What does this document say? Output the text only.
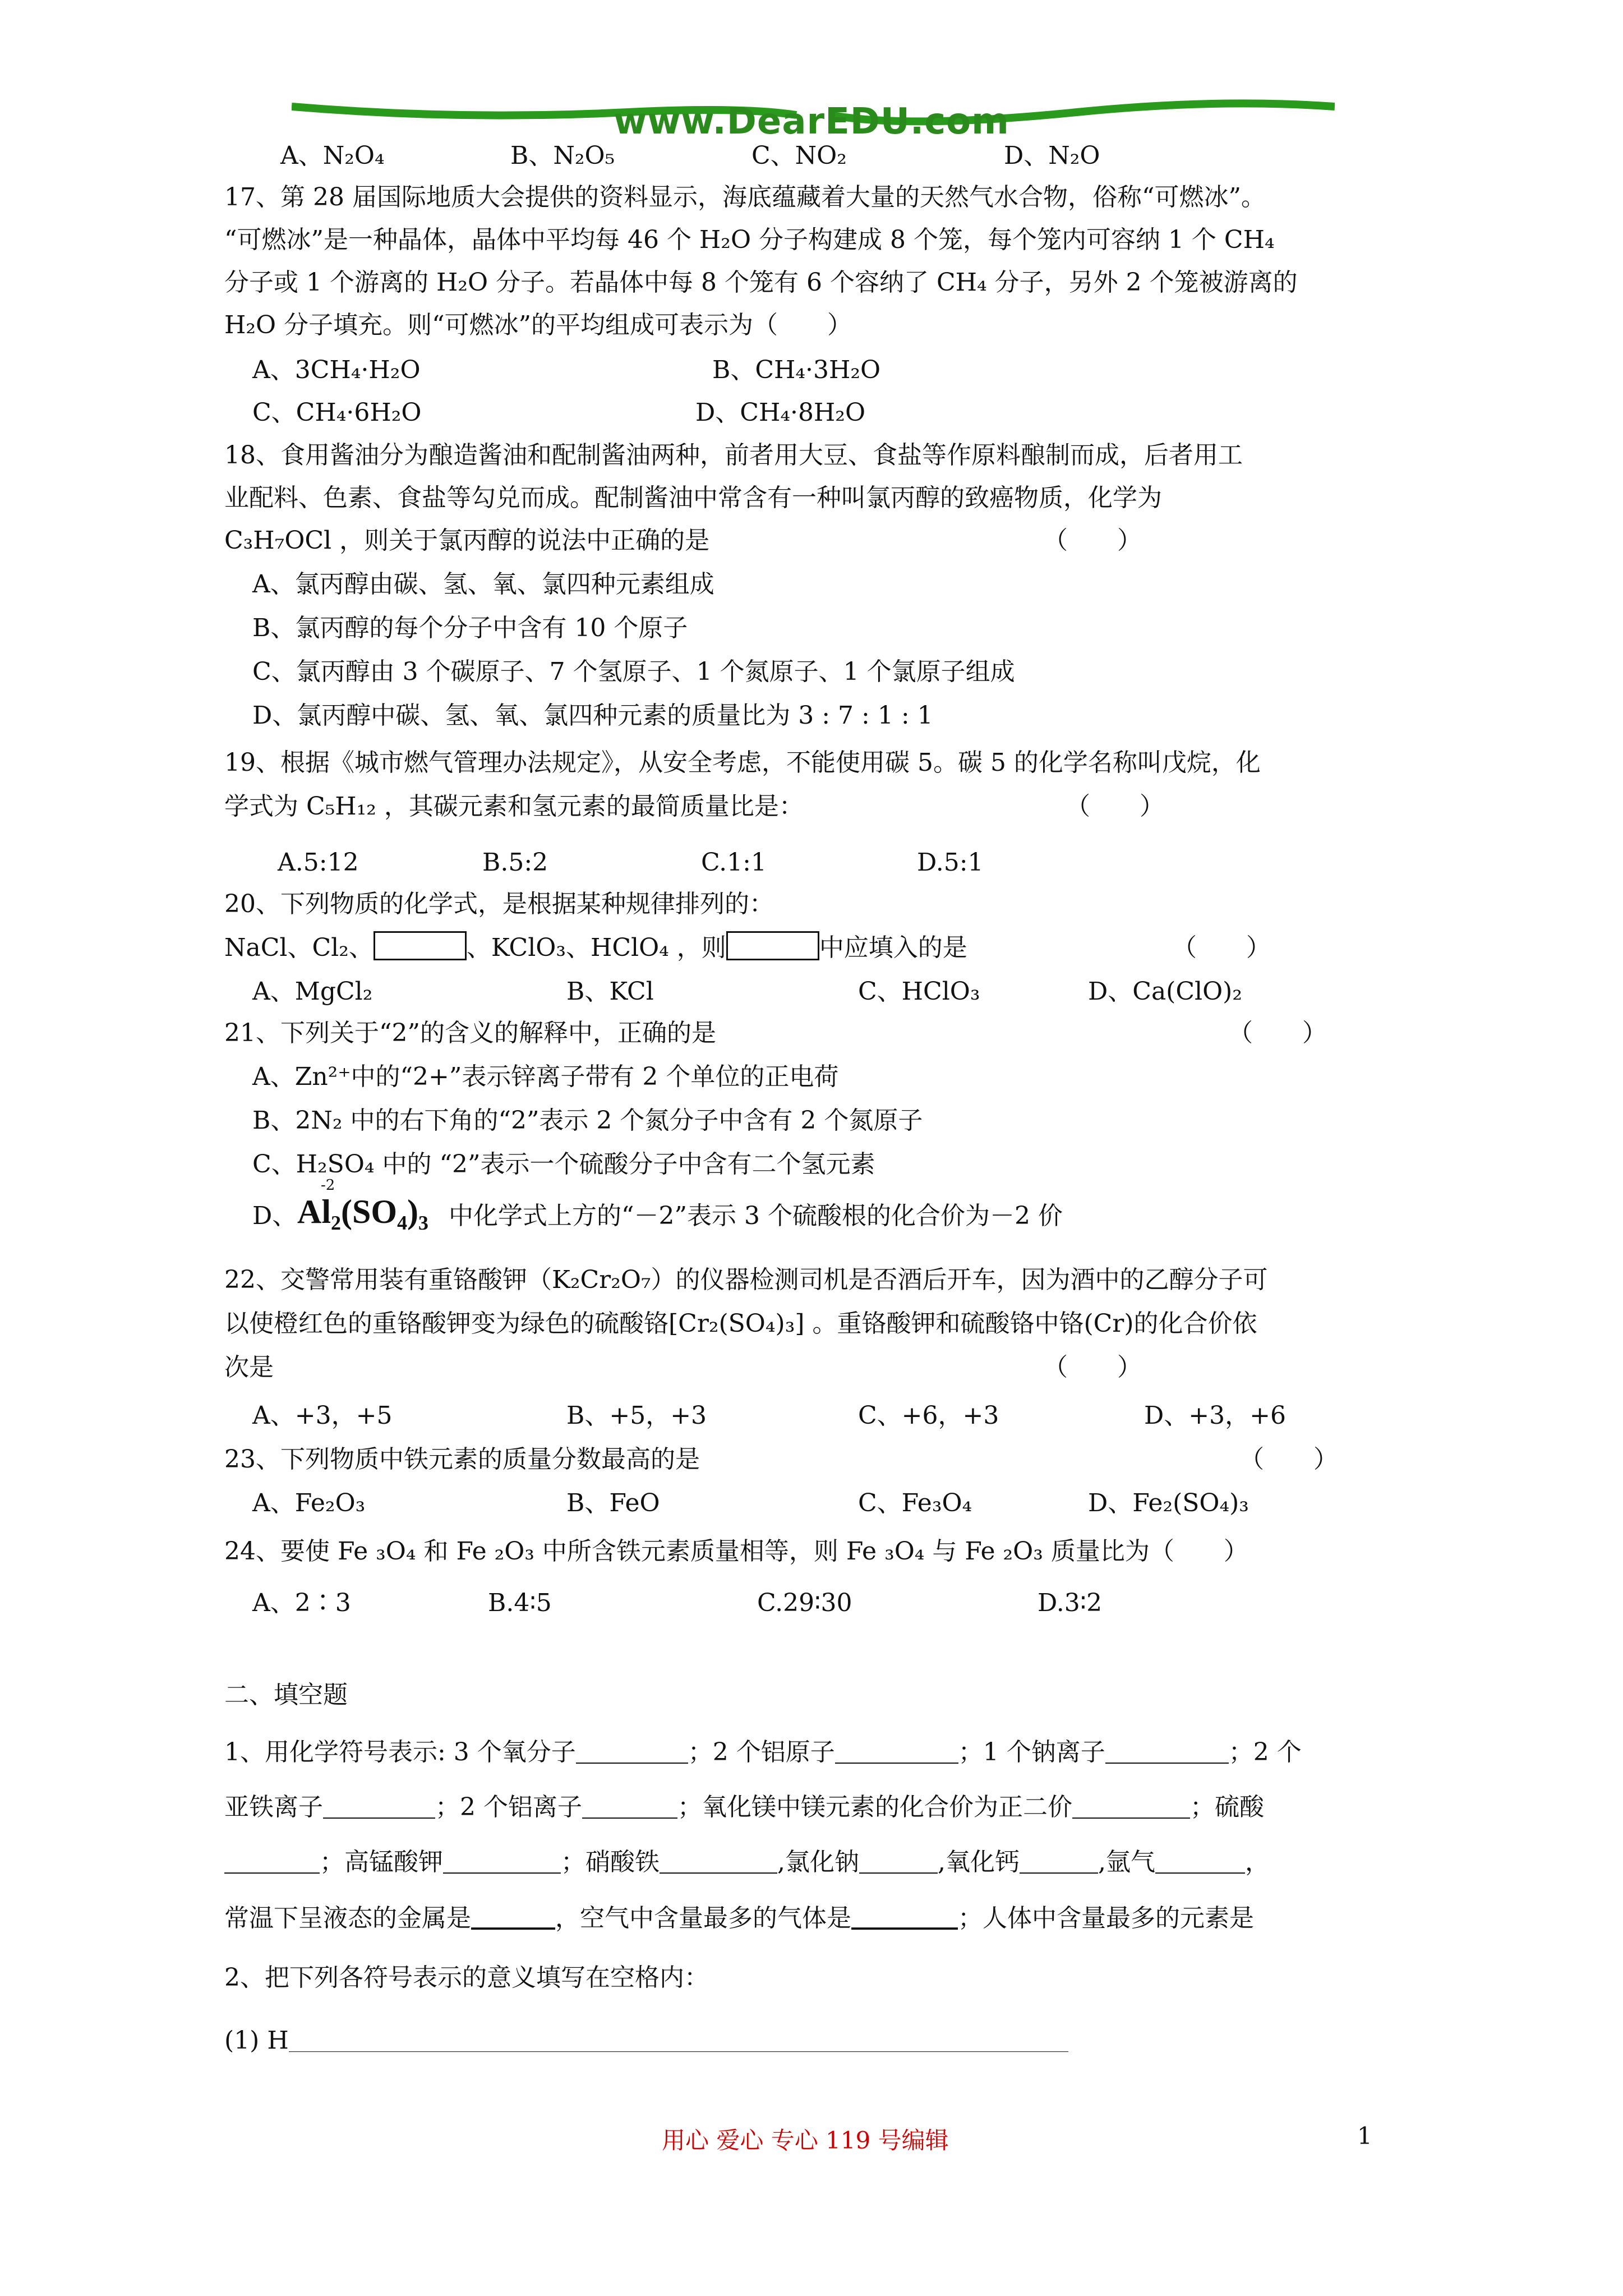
www.DearEDU.com
A、N₂O₄	B、N₂O₅	C、NO₂	D、N₂O
17、第 28 届国际地质大会提供的资料显示，海底蕴藏着大量的天然气水合物，俗称“可燃冰”。
“可燃冰”是一种晶体，晶体中平均每 46 个 H₂O 分子构建成 8 个笼，每个笼内可容纳 1 个 CH₄
分子或 1 个游离的 H₂O 分子。若晶体中每 8 个笼有 6 个容纳了 CH₄ 分子，另外 2 个笼被游离的
H₂O 分子填充。则“可燃冰”的平均组成可表示为（　　）
A、3CH₄·H₂O	B、CH₄·3H₂O
C、CH₄·6H₂O	D、CH₄·8H₂O
18、食用酱油分为酿造酱油和配制酱油两种，前者用大豆、食盐等作原料酿制而成，后者用工
业配料、色素、食盐等勾兑而成。配制酱油中常含有一种叫氯丙醇的致癌物质，化学为
C₃H₇OCl ，则关于氯丙醇的说法中正确的是	（　　）
A、氯丙醇由碳、氢、氧、氯四种元素组成
B、氯丙醇的每个分子中含有 10 个原子
C、氯丙醇由 3 个碳原子、7 个氢原子、1 个氮原子、1 个氯原子组成
D、氯丙醇中碳、氢、氧、氯四种元素的质量比为 3 : 7 : 1 : 1
19、根据《城市燃气管理办法规定》，从安全考虑，不能使用碳 5。碳 5 的化学名称叫戊烷，化
学式为 C₅H₁₂ ，其碳元素和氢元素的最简质量比是：	（　　）
A.5:12	B.5:2	C.1:1	D.5:1
20、下列物质的化学式，是根据某种规律排列的：
NaCl、Cl₂、	、KClO₃、HClO₄ ，则	中应填入的是	（　　）
A、MgCl₂	B、KCl	C、HClO₃	D、Ca(ClO)₂
21、下列关于“2”的含义的解释中，正确的是	（　　）
A、Zn²⁺中的“2+”表示锌离子带有 2 个单位的正电荷
B、2N₂ 中的右下角的“2”表示 2 个氮分子中含有 2 个氮原子
C、H₂SO₄ 中的 “2”表示一个硫酸分子中含有二个氢元素
D、 Al₂(SO₄)₃
-2
中化学式上方的“－2”表示 3 个硫酸根的化合价为－2 价
22、交警常用装有重铬酸钾（K₂Cr₂O₇）的仪器检测司机是否酒后开车，因为酒中的乙醇分子可
以使橙红色的重铬酸钾变为绿色的硫酸铬[Cr₂(SO₄)₃] 。重铬酸钾和硫酸铬中铬(Cr)的化合价依
次是	（　　）
A、+3，+5	B、+5，+3	C、+6，+3	D、+3，+6
23、下列物质中铁元素的质量分数最高的是	（　　）
A、Fe₂O₃	B、FeO	C、Fe₃O₄	D、Fe₂(SO₄)₃
24、要使 Fe ₃O₄ 和 Fe ₂O₃ 中所含铁元素质量相等，则 Fe ₃O₄ 与 Fe ₂O₃ 质量比为（　　）
A、2∶3	B.4∶5	C.29∶30	D.3∶2
二、填空题
1、用化学符号表示: 3 个氧分子	；2 个铝原子	；1 个钠离子	；2 个
亚铁离子	；2 个铝离子	；氧化镁中镁元素的化合价为正二价	；硫酸
；高锰酸钾	；硝酸铁	,氯化钠	,氧化钙	,氩气	，
常温下呈液态的金属是	，空气中含量最多的气体是	；人体中含量最多的元素是
2、把下列各符号表示的意义填写在空格内：
(1) H
用心 爱心 专心 119 号编辑	1
